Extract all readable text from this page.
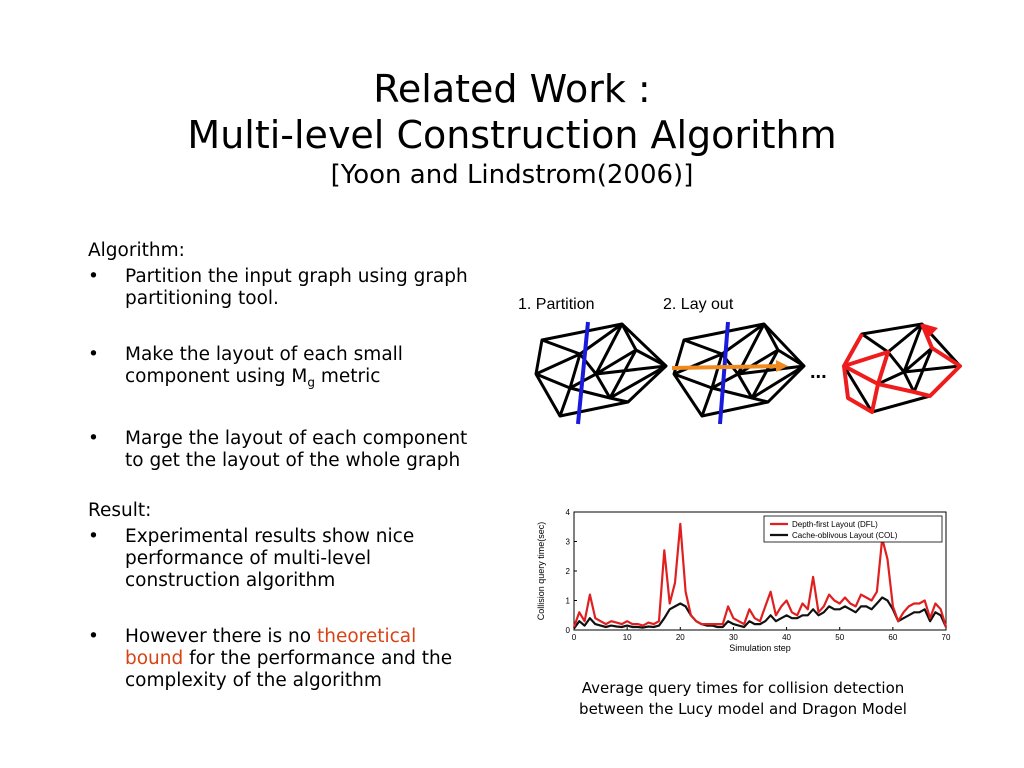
Related Work :
Multi-level Construction Algorithm
[Yoon and Lindstrom(2006)]
Algorithm:
• Partition the input graph using graph partitioning tool.
• Make the layout of each small component using $M_g$ metric
• Marge the layout of each component to get the layout of the whole graph
Result:
• Experimental results show nice performance of multi-level construction algorithm
• However there is no theoretical bound for the performance and the complexity of the algorithm
1. Partition	2. Lay out
...
0	10	20	30	40	50	60	70
0
1
2
3
4
Simulation step
Collision query time(sec)	Depth-first Layout (DFL)
Cache-oblivous Layout (COL)
Average query times for collision detection
between the Lucy model and Dragon Model
